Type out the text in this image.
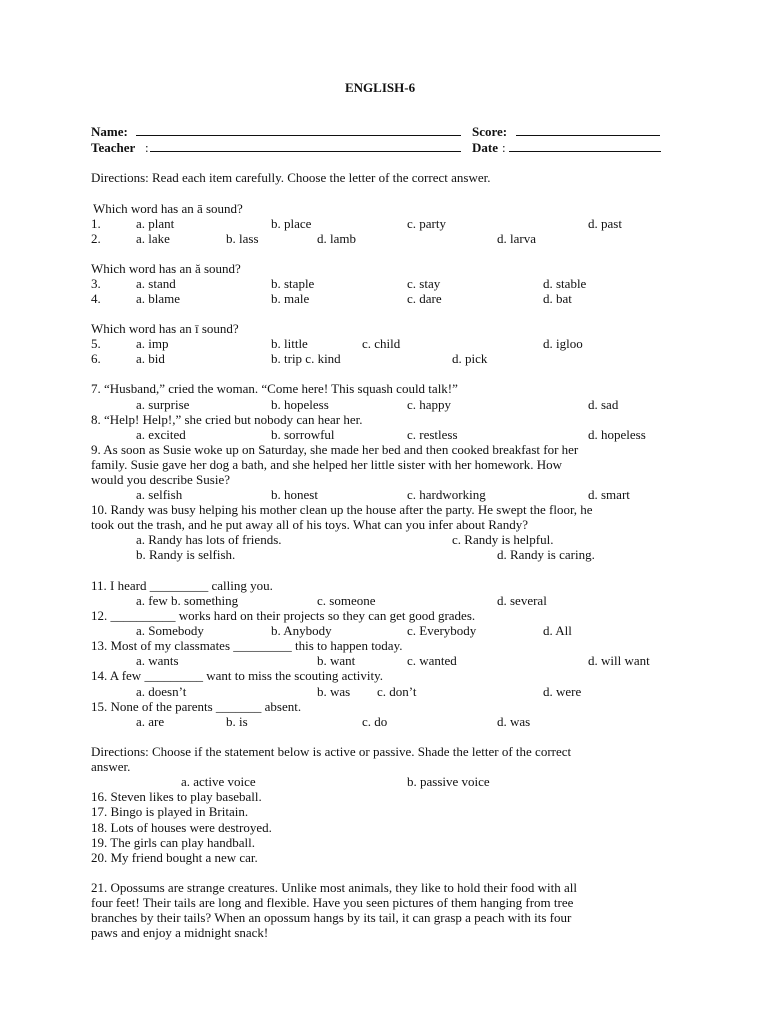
ENGLISH-6
Name:	Score:
Teacher :	Date :
Directions: Read each item carefully. Choose the letter of the correct answer.
Which word has an ā sound?
1.	a. plant	b. place	c. party	d. past
2.	a. lake	b. lass	d. lamb	d. larva
Which word has an ă sound?
3.	a. stand	b. staple	c. stay	d. stable
4.	a. blame	b. male	c. dare	d. bat
Which word has an ī sound?
5.	a. imp	b. little	c. child	d. igloo
6.	a. bid	b. trip c. kind	d. pick
7. “Husband,” cried the woman. “Come here! This squash could talk!”
a. surprise	b. hopeless	c. happy	d. sad
8. “Help! Help!,” she cried but nobody can hear her.
a. excited	b. sorrowful	c. restless	d. hopeless
9. As soon as Susie woke up on Saturday, she made her bed and then cooked breakfast for her
family. Susie gave her dog a bath, and she helped her little sister with her homework. How
would you describe Susie?
a. selfish	b. honest	c. hardworking	d. smart
10. Randy was busy helping his mother clean up the house after the party. He swept the floor, he
took out the trash, and he put away all of his toys. What can you infer about Randy?
a. Randy has lots of friends.	c. Randy is helpful.
b. Randy is selfish.	d. Randy is caring.
11. I heard _________ calling you.
a. few b. something	c. someone	d. several
12. __________ works hard on their projects so they can get good grades.
a. Somebody	b. Anybody	c. Everybody	d. All
13. Most of my classmates _________ this to happen today.
a. wants	b. want	c. wanted	d. will want
14. A few _________ want to miss the scouting activity.
a. doesn’t	b. was c. don’t	d. were
15. None of the parents _______ absent.
a. are	b. is	c. do	d. was
Directions: Choose if the statement below is active or passive. Shade the letter of the correct
answer.
a. active voice	b. passive voice
16. Steven likes to play baseball.
17. Bingo is played in Britain.
18. Lots of houses were destroyed.
19. The girls can play handball.
20. My friend bought a new car.
21. Opossums are strange creatures. Unlike most animals, they like to hold their food with all
four feet! Their tails are long and flexible. Have you seen pictures of them hanging from tree
branches by their tails? When an opossum hangs by its tail, it can grasp a peach with its four
paws and enjoy a midnight snack!
